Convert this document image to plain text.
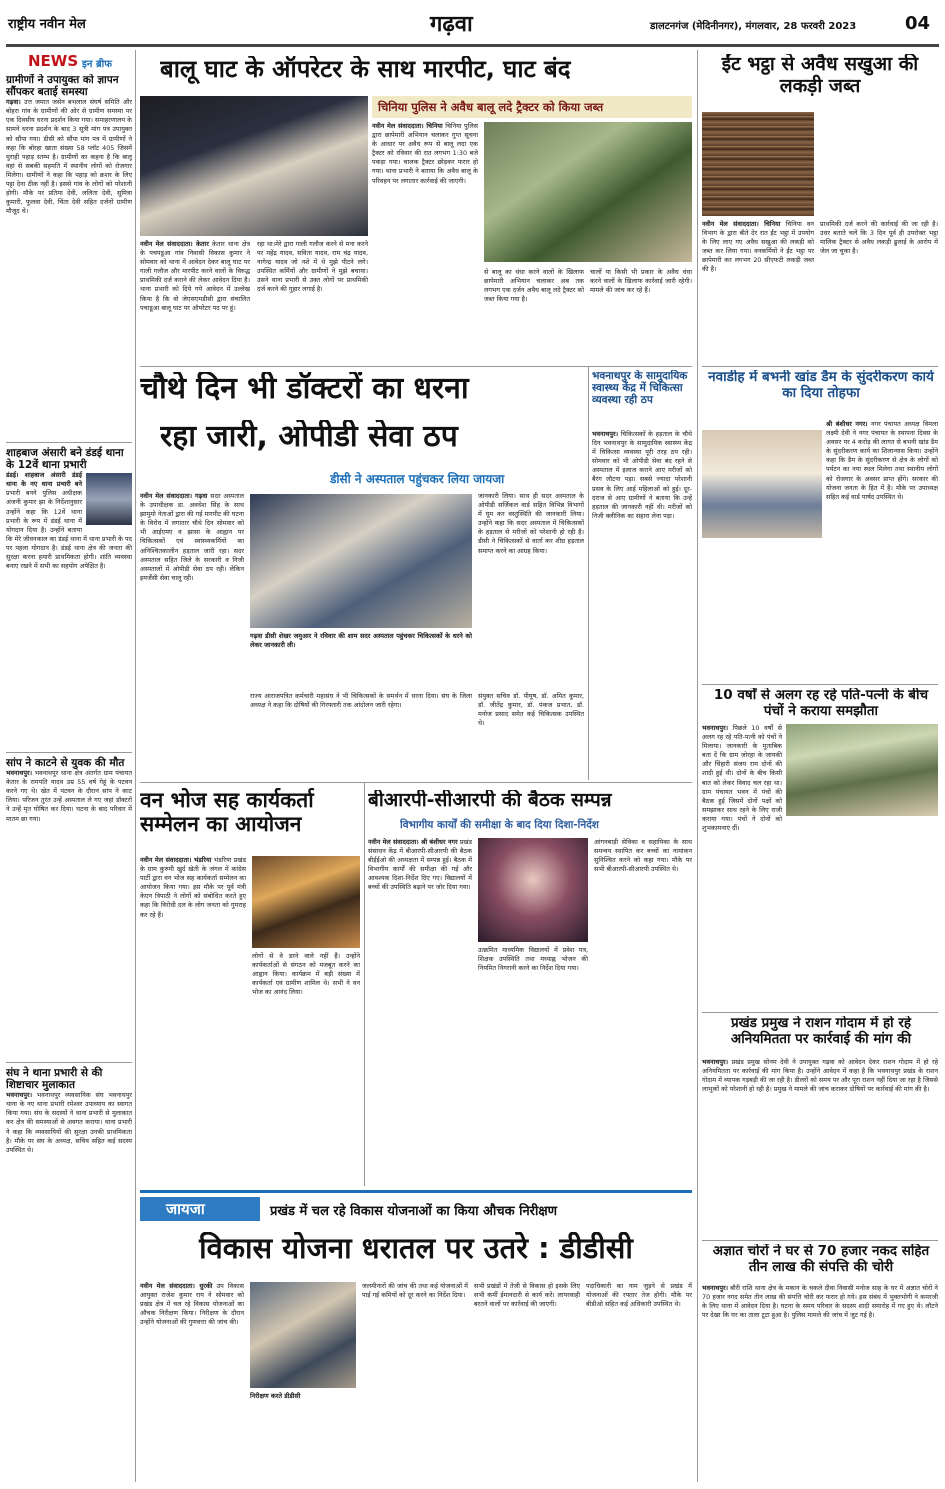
राष्ट्रीय नवीन मेल	गढ़वा	डालटनगंज (मेदिनीनगर), मंगलवार, 28 फरवरी 2023	04
NEWS इन ब्रीफ
ग्रामीणों ने उपायुक्त को ज्ञापन सौंपकर बताई समस्या
गढ़वा। उत्त जमात जसेन बभलाल संघर्ष समिति और बोहरा गांव के ग्रामीणों की ओर से ग्रामीण समस्या पर एक दिवसीय धरना प्रदर्शन किया गया। समाहरणालय के सामने धरना प्रदर्शन के बाद 3 सूत्री मांग पत्र उपायुक्त को सौंपा गया। डीसी को सौंपा मांग पत्र में ग्रामीणों ने कहा कि बोरहा खाता संख्या 58 प्लॉट 405 जिसमें मुराही पहाड़ स्तम्भ है। ग्रामीणों का कहना है कि बालू वहां से सबकी सहमति में स्थानीय लोगों को रोजगार मिलेगा। ग्रामीणों ने कहा कि पहाड़ को क्रशर के लिए पट्टा देना ठीक नहीं है। इससे गांव के लोगों को परेशानी होगी। मौके पर प्रतिमा देवी, ललिता देवी, सुमित्रा कुमारी, फूलवा देवी, चिंता देवी सहित दर्जनों ग्रामीण मौजूद थे।
शाहबाज अंसारी बने डंडई थाना के 12वें थाना प्रभारी
डंडई। शाहबाज अंसारी डंडई थाना के नए थाना प्रभारी बने प्रभारी बनने पुलिस अधीक्षक अंजनी कुमार झा के निर्देशानुसार उन्होंने कहा कि 12वें थाना प्रभारी के रूप में डंडई थाना में योगदान दिया है। उन्होंने बताया कि मेरे जीवनकाल का डंडई थाना में थाना प्रभारी के पद पर पहला योगदान है। डंडई थाना क्षेत्र की जनता की सुरक्षा करना हमारी प्राथमिकता होगी। शांति व्यवस्था बनाए रखने में सभी का सहयोग अपेक्षित है।
सांप ने काटने से युवक की मौत
भवनाथपुर। भवनाथपुर थाना क्षेत्र अंतर्गत ग्राम पंचायत केतार के रामपति यादव उम्र 55 वर्ष गेहूं के पटवन करने गए थे। खेत में पटवन के दौरान सांप ने काट लिया। परिजन तुरंत उन्हें अस्पताल ले गए जहां डॉक्टरों ने उन्हें मृत घोषित कर दिया। घटना के बाद परिवार में मातम छा गया।
संघ ने थाना प्रभारी से की शिष्टाचार मुलाकात
भवनाथपुर। भवनाथपुर व्यवसायिक संघ भवनाथपुर थाना के नए थाना प्रभारी रमेश्वर उपाध्याय का स्वागत किया गया। संघ के सदस्यों ने थाना प्रभारी से मुलाकात कर क्षेत्र की समस्याओं से अवगत कराया। थाना प्रभारी ने कहा कि व्यवसायियों की सुरक्षा उनकी प्राथमिकता है। मौके पर संघ के अध्यक्ष, सचिव सहित कई सदस्य उपस्थित थे।
बालू घाट के ऑपरेटर के साथ मारपीट, घाट बंद
नवीन मेल संवाददाता। केतार केतार थाना क्षेत्र के पचपडूआ गांव निवासी विकास कुमार ने सोमवार को थाना में आवेदन देकर बालू घाट पर गाली गलौज और मारपीट करने वालों के विरुद्ध प्राथमिकी दर्ज कराने की लेकर आवेदन दिया है। थाना प्रभारी को दिये गये आवेदन में उल्लेख किया है कि वो जेएसएमडीसी द्वारा संचालित पचाडूआ बालू घाट पर ऑपरेटर पद पर हूं।
रहा था।मेरे द्वारा गाली गलौज करने से मना करने पर महेंद्र यादव, सविता यादव, राम चंद्र यादव, नागेन्द्र यादव जो नशे में थे मुझे पीटने लगे। उपस्थित कर्मियों और ग्रामीणों ने मुझे बचाया। उसने थाना प्रभारी से उक्त लोगों पर प्राथमिकी दर्ज करने की गुहार लगाई है।
चिनिया पुलिस ने अवैध बालू लदे ट्रैक्टर को किया जब्त
नवीन मेल संवाददाता। चिनिया चिनिया पुलिस द्वारा छापेमारी अभियान चलाकर गुप्त सूचना के आधार पर अवैध रूप से बालू लदा एक ट्रैक्टर को रविवार की रात लगभग 1:30 बजे पकड़ा गया। चालक ट्रैक्टर छोड़कर फरार हो गया। थाना प्रभारी ने बताया कि अवैध बालू के परिवहन पर लगातार कार्रवाई की जाएगी।
से बालू का धंधा करने वालों के खिलाफ छापेमारी अभियान चलाकर अब तक लगभग एक दर्जन अवैध बालू लदे ट्रैक्टर को जब्त किया गया है।
चालों या किसी भी प्रकार के अवैध धंधा करने वालों के खिलाफ कार्रवाई जारी रहेगी। मामले की जांच कर रहे हैं।
ईंट भट्ठा से अवैध सखुआ की लकड़ी जब्त
नवीन मेल संवाददाता। चिनिया चिनिया वन विभाग के द्वारा बीते देर रात ईंट भट्ठा में उपयोग के लिए लाए गए अवैध सखुआ की लकड़ी को जब्त कर लिया गया। वनकर्मियों ने ईंट भट्ठा पर छापेमारी कर लगभग 20 सीएफटी लकड़ी जब्त की है।
प्राथमिकी दर्ज करने की कार्रवाई की जा रही है। उधर बताते चलें कि 3 दिन पूर्व ही उपरोक्त भट्ठा मालिक ट्रैक्टर से अवैध लकड़ी ढुलाई के आरोप में जेल जा चुका है।
नवाडीह में बभनी खांड डैम के सुंदरीकरण कार्य का दिया तोहफा
श्री बंशीधर नगर। नगर पंचायत अध्यक्ष विमला लक्ष्मी देवी ने नगर पंचायत के स्थापना दिवस के अवसर पर 4 करोड़ की लागत से बभनी खांड डैम के सुंदरीकरण कार्य का शिलान्यास किया। उन्होंने कहा कि डैम के सुंदरीकरण से क्षेत्र के लोगों को पर्यटन का नया स्थल मिलेगा तथा स्थानीय लोगों को रोजगार के अवसर प्राप्त होंगे। सरकार की योजना जनता के हित में है। मौके पर उपाध्यक्ष सहित कई वार्ड पार्षद उपस्थित थे।
10 वर्षों से अलग रह रहे पति-पत्नी के बीच पंचों ने कराया समझौता
भवनाथपुर। पिछले 10 वर्षों से अलग रह रहे पति-पत्नी को पंचों ने मिलाया। जानकारी के मुताबिक बता दें कि ग्राम जोरहा के जायकी और चिंहारी संजय राम दोनों की शादी हुई थी। दोनों के बीच किसी बात को लेकर विवाद चल रहा था। ग्राम पंचायत भवन में पंचों की बैठक हुई जिसमें दोनों पक्षों को समझाकर साथ रहने के लिए राजी कराया गया। पंचों ने दोनों को शुभकामनाएं दीं।
प्रखंड प्रमुख ने राशन गोदाम में हो रहे अनियमितता पर कार्रवाई की मांग की
भवनाथपुर। प्रखंड प्रमुख सोनम देवी ने उपायुक्त गढ़वा को आवेदन देकर राशन गोदाम में हो रहे अनियमितता पर कार्रवाई की मांग किया है। उन्होंने आवेदन में कहा है कि भवनाथपुर प्रखंड के राशन गोदाम में व्यापक गड़बड़ी की जा रही है। डीलरों को समय पर और पूरा राशन नहीं दिया जा रहा है जिससे लाभुकों को परेशानी हो रही है। प्रमुख ने मामले की जांच कराकर दोषियों पर कार्रवाई की मांग की है।
अज्ञात चोरों ने घर से 70 हजार नकद सहित तीन लाख की संपत्ति की चोरी
भवनाथपुर। बौरी राशि थाना क्षेत्र के मकान के चकले दीवा निवासी मनोज साह के घर में अज्ञात चोरों ने 70 हजार नगद समेत तीन लाख की संपत्ति चोरी कर फरार हो गये। इस संबंध में भुक्तभोगी ने कमरजी के लिए थाना में आवेदन दिया है। घटना के समय परिवार के सदस्य शादी समारोह में गए हुए थे। लौटने पर देखा कि घर का ताला टूटा हुआ है। पुलिस मामले की जांच में जुट गई है।
चौथे दिन भी डॉक्टरों का धरना
रहा जारी, ओपीडी सेवा ठप
डीसी ने अस्पताल पहुंचकर लिया जायजा
नवीन मेल संवाददाता। गढ़वा सदर अस्पताल के उपाधीक्षक डा. अवधेश सिंह के साथ झामुमो नेताओं द्वारा की गई मारपीट की घटना के विरोध में लगातार चौथे दिन सोमवार को भी आईएमए व झासा के आह्वान पर चिकित्सकों एवं स्वास्थ्यकर्मियों का अनिश्चितकालीन हड़ताल जारी रहा। सदर अस्पताल सहित जिले के सरकारी व निजी अस्पतालों में ओपीडी सेवा ठप रही। लेकिन इमर्जेंसी सेवा चालू रही।
गढ़वा डीसी शेखर जमुआर ने रविवार की शाम सदर अस्पताल पहुंचकर चिकित्सकों के धरने को लेकर जानकारी ली।
जानकारी लिया। साथ ही सदर अस्पताल के ओपीडी सर्जिकल वार्ड सहित विभिन्न विभागों में घूम कर वस्तुस्थिति की जानकारी लिया। उन्होंने कहा कि सदर अस्पताल में चिकित्सकों के हड़ताल से मरीजों को परेशानी हो रही है। डीसी ने चिकित्सकों से वार्ता कर शीघ्र हड़ताल समाप्त करने का आग्रह किया।
राज्य आराजपत्रित कर्मचारी महासंघ ने भी चिकित्सकों के समर्थन में धरना दिया। संघ के जिला अध्यक्ष ने कहा कि दोषियों की गिरफ्तारी तक आंदोलन जारी रहेगा।
संयुक्त सचिव डॉ. पीयूष, डॉ. अमित कुमार, डॉ. जीतेंद्र कुमार, डॉ. पंकज प्रभात, डॉ. मनोज प्रसाद समेत कई चिकित्सक उपस्थित थे।
भवनाथपुर के सामुदायिक स्वास्थ्य केंद्र में चिकित्सा व्यवस्था रही ठप
भवनाथपुर। चिकित्सकों के हड़ताल के चौथे दिन भवनाथपुर के सामुदायिक स्वास्थ्य केंद्र में चिकित्सा व्यवस्था पूरी तरह ठप रही। सोमवार को भी ओपीडी सेवा बंद रहने से अस्पताल में इलाज कराने आए मरीजों को बैरंग लौटना पड़ा। सबसे ज्यादा परेशानी प्रसव के लिए आई महिलाओं को हुई। दूर-दराज से आए ग्रामीणों ने बताया कि उन्हें हड़ताल की जानकारी नहीं थी। मरीजों को निजी क्लीनिक का सहारा लेना पड़ा।
वन भोज सह कार्यकर्ता सम्मेलन का आयोजन
नवीन मेल संवाददाता। भंडरिया भंडरिया प्रखंड के ग्राम कुरुमी खुर्द खेती के जंगल में कांग्रेस पार्टी द्वारा वन भोज सह कार्यकर्ता सम्मेलन का आयोजन किया गया। इस मौके पर पूर्व मंत्री केएन त्रिपाठी ने लोगों को संबोधित करते हुए कहा कि विरोधी दल के लोग जनता को गुमराह कर रहे हैं।
लोगों से वे डरने वाले नहीं हैं। उन्होंने कार्यकर्ताओं से संगठन को मजबूत करने का आह्वान किया। कार्यक्रम में बड़ी संख्या में कार्यकर्ता एवं ग्रामीण शामिल थे। सभी ने वन भोज का आनंद लिया।
बीआरपी-सीआरपी की बैठक सम्पन्न
विभागीय कार्यों की समीक्षा के बाद दिया दिशा-निर्देश
नवीन मेल संवाददाता। श्री बंशीधर नगर प्रखंड संसाधन केंद्र में बीआरपी-सीआरपी की बैठक बीईईओ की अध्यक्षता में सम्पन्न हुई। बैठक में विभागीय कार्यों की समीक्षा की गई और आवश्यक दिशा-निर्देश दिए गए। विद्यालयों में बच्चों की उपस्थिति बढ़ाने पर जोर दिया गया।
उत्क्रमित माध्यमिक विद्यालयों में प्रवेश पत्र, शिक्षक उपस्थिति तथा मध्याह्न भोजन की नियमित निगरानी करने का निर्देश दिया गया।
आंगनबाड़ी सेविका व सहायिका के साथ समन्वय स्थापित कर बच्चों का नामांकन सुनिश्चित करने को कहा गया। मौके पर सभी बीआरपी-सीआरपी उपस्थित थे।
जायजा	प्रखंड में चल रहे विकास योजनाओं का किया औचक निरीक्षण
विकास योजना धरातल पर उतरे : डीडीसी
नवीन मेल संवाददाता। धुरकी उप विकास आयुक्त राजेश कुमार राय ने सोमवार को प्रखंड क्षेत्र में चल रहे विकास योजनाओं का औचक निरीक्षण किया। निरीक्षण के दौरान उन्होंने योजनाओं की गुणवत्ता की जांच की।
निरीक्षण करते डीडीसी
जलमीनारों की जांच की तथा कई योजनाओं में पाई गई कमियों को दूर करने का निर्देश दिया।
सभी प्रखंडों में तेजी से विकास हो इसके लिए सभी कर्मी ईमानदारी से कार्य करें। लापरवाही बरतने वालों पर कार्रवाई की जाएगी।
पदाधिकारी का नाम जुड़ने से प्रखंड में योजनाओं की रफ्तार तेज होगी। मौके पर बीडीओ सहित कई अधिकारी उपस्थित थे।
